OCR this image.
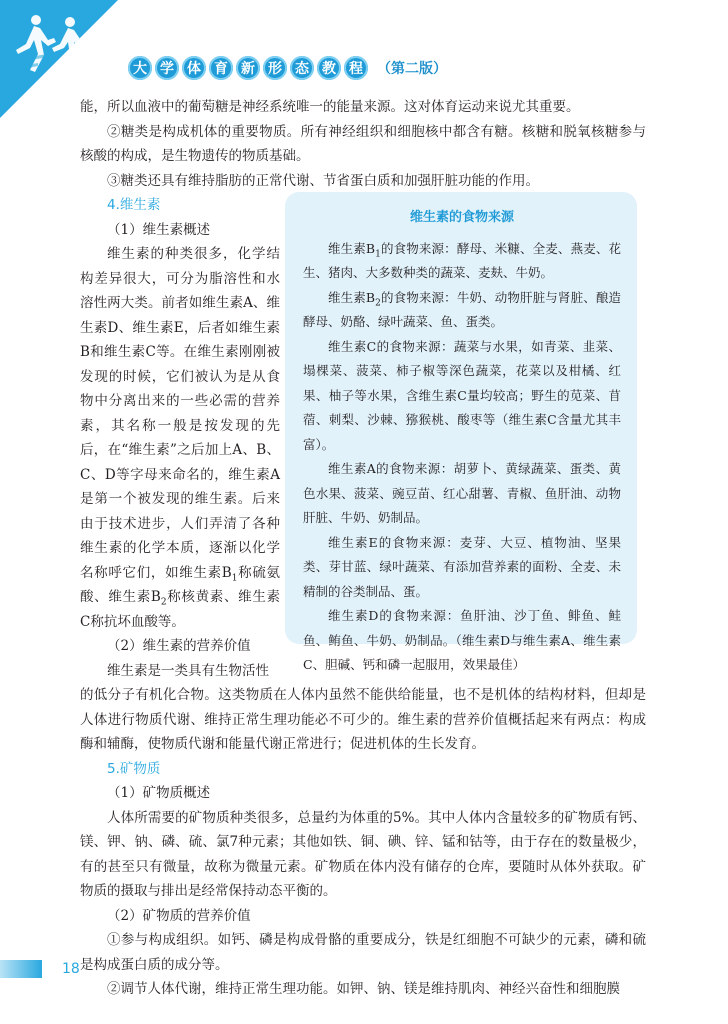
大 学 体 育 新 形 态 教 程	（第二版）

能，所以血液中的葡萄糖是神经系统唯一的能量来源。这对体育运动来说尤其重要。

②糖类是构成机体的重要物质。所有神经组织和细胞核中都含有糖。核糖和脱氧核糖参与核酸的构成，是生物遗传的物质基础。

③糖类还具有维持脂肪的正常代谢、节省蛋白质和加强肝脏功能的作用。

4.维生素

（1）维生素概述

维生素的种类很多，化学结构差异很大，可分为脂溶性和水溶性两大类。前者如维生素A、维生素D、维生素E，后者如维生素B和维生素C等。在维生素刚刚被发现的时候，它们被认为是从食物中分离出来的一些必需的营养素，其名称一般是按发现的先后，在“维生素”之后加上A、B、C、D等字母来命名的，维生素A是第一个被发现的维生素。后来由于技术进步，人们弄清了各种维生素的化学本质，逐渐以化学名称呼它们，如维生素$B_1$称硫氨酸、维生素$B_2$称核黄素、维生素C称抗坏血酸等。

（2）维生素的营养价值

维生素是一类具有生物活性

的低分子有机化合物。这类物质在人体内虽然不能供给能量，也不是机体的结构材料，但却是人体进行物质代谢、维持正常生理功能必不可少的。维生素的营养价值概括起来有两点：构成酶和辅酶，使物质代谢和能量代谢正常进行；促进机体的生长发育。

5.矿物质

（1）矿物质概述

人体所需要的矿物质种类很多，总量约为体重的5%。其中人体内含量较多的矿物质有钙、镁、钾、钠、磷、硫、氯7种元素；其他如铁、铜、碘、锌、锰和钴等，由于存在的数量极少，有的甚至只有微量，故称为微量元素。矿物质在体内没有储存的仓库，要随时从体外获取。矿物质的摄取与排出是经常保持动态平衡的。

（2）矿物质的营养价值

①参与构成组织。如钙、磷是构成骨骼的重要成分，铁是红细胞不可缺少的元素，磷和硫是构成蛋白质的成分等。

②调节人体代谢，维持正常生理功能。如钾、钠、镁是维持肌肉、神经兴奋性和细胞膜

维生素的食物来源

维生素$B_1$的食物来源：酵母、米糠、全麦、燕麦、花生、猪肉、大多数种类的蔬菜、麦麸、牛奶。

维生素$B_2$的食物来源：牛奶、动物肝脏与肾脏、酿造酵母、奶酪、绿叶蔬菜、鱼、蛋类。

维生素C的食物来源：蔬菜与水果，如青菜、韭菜、塌棵菜、菠菜、柿子椒等深色蔬菜，花菜以及柑橘、红果、柚子等水果，含维生素C量均较高；野生的苋菜、苜蓿、刺梨、沙棘、猕猴桃、酸枣等（维生素C含量尤其丰富）。

维生素A的食物来源：胡萝卜、黄绿蔬菜、蛋类、黄色水果、菠菜、豌豆苗、红心甜薯、青椒、鱼肝油、动物肝脏、牛奶、奶制品。

维生素E的食物来源：麦芽、大豆、植物油、坚果类、芽甘蓝、绿叶蔬菜、有添加营养素的面粉、全麦、未精制的谷类制品、蛋。

维生素D的食物来源：鱼肝油、沙丁鱼、鲱鱼、鲑鱼、鲔鱼、牛奶、奶制品。（维生素D与维生素A、维生素C、胆碱、钙和磷一起服用，效果最佳）

18
